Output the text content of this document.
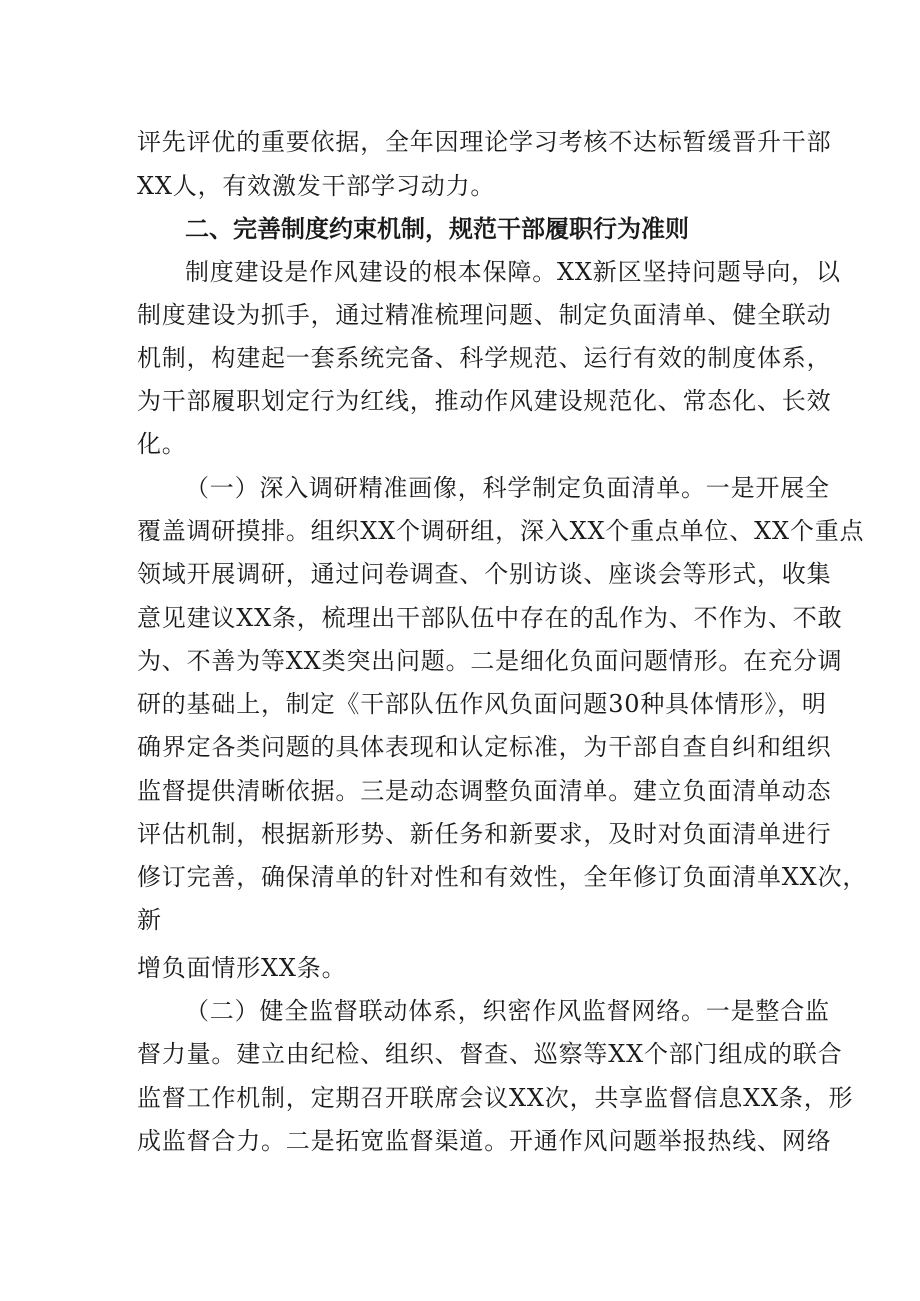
评先评优的重要依据，全年因理论学习考核不达标暂缓晋升干部
XX人，有效激发干部学习动力。
二、完善制度约束机制，规范干部履职行为准则
制度建设是作风建设的根本保障。XX新区坚持问题导向，以
制度建设为抓手，通过精准梳理问题、制定负面清单、健全联动
机制，构建起一套系统完备、科学规范、运行有效的制度体系，
为干部履职划定行为红线，推动作风建设规范化、常态化、长效
化。
（一）深入调研精准画像，科学制定负面清单。一是开展全
覆盖调研摸排。组织XX个调研组，深入XX个重点单位、XX个重点
领域开展调研，通过问卷调查、个别访谈、座谈会等形式，收集
意见建议XX条，梳理出干部队伍中存在的乱作为、不作为、不敢
为、不善为等XX类突出问题。二是细化负面问题情形。在充分调
研的基础上，制定《干部队伍作风负面问题30种具体情形》，明
确界定各类问题的具体表现和认定标准，为干部自查自纠和组织
监督提供清晰依据。三是动态调整负面清单。建立负面清单动态
评估机制，根据新形势、新任务和新要求，及时对负面清单进行
修订完善，确保清单的针对性和有效性，全年修订负面清单XX次，
新
增负面情形XX条。
（二）健全监督联动体系，织密作风监督网络。一是整合监
督力量。建立由纪检、组织、督查、巡察等XX个部门组成的联合
监督工作机制，定期召开联席会议XX次，共享监督信息XX条，形
成监督合力。二是拓宽监督渠道。开通作风问题举报热线、网络
